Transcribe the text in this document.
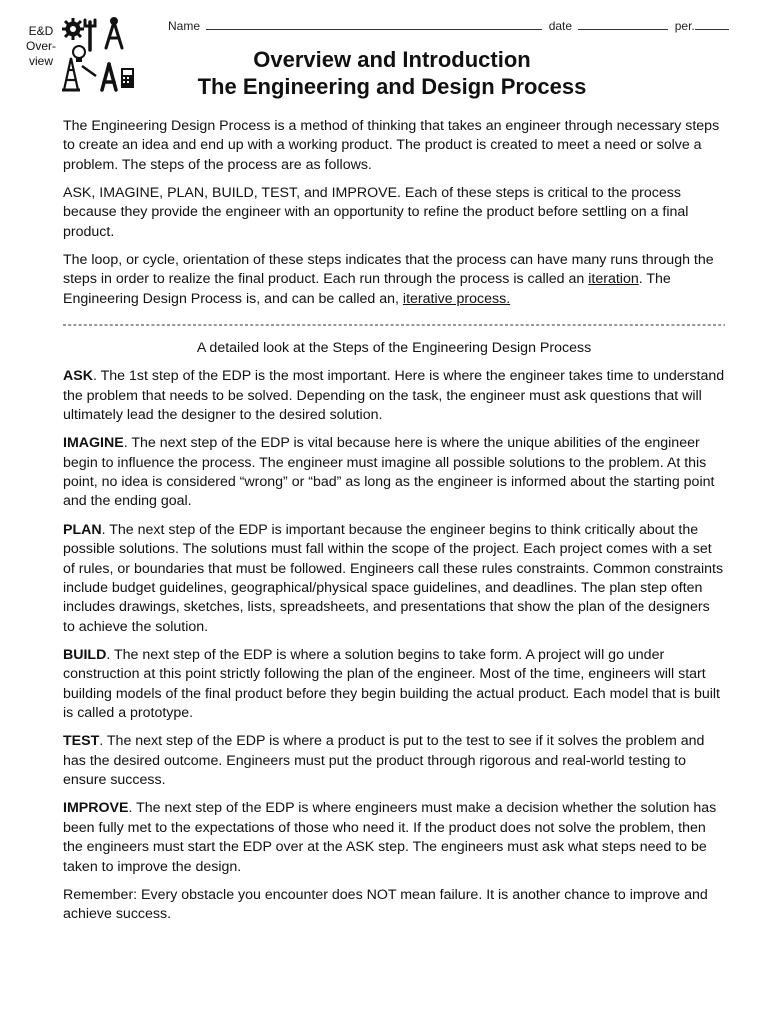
E&D
Over-
view
Name	date	per.
Overview and Introduction
The Engineering and Design Process

The Engineering Design Process is a method of thinking that takes an engineer through necessary steps to create an idea and end up with a working product. The product is created to meet a need or solve a problem. The steps of the process are as follows.

ASK, IMAGINE, PLAN, BUILD, TEST, and IMPROVE. Each of these steps is critical to the process because they provide the engineer with an opportunity to refine the product before settling on a final product.

The loop, or cycle, orientation of these steps indicates that the process can have many runs through the steps in order to realize the final product. Each run through the process is called an iteration. The Engineering Design Process is, and can be called an, iterative process.

A detailed look at the Steps of the Engineering Design Process

ASK. The 1st step of the EDP is the most important. Here is where the engineer takes time to understand the problem that needs to be solved. Depending on the task, the engineer must ask questions that will ultimately lead the designer to the desired solution.

IMAGINE. The next step of the EDP is vital because here is where the unique abilities of the engineer begin to influence the process. The engineer must imagine all possible solutions to the problem. At this point, no idea is considered “wrong” or “bad” as long as the engineer is informed about the starting point and the ending goal.

PLAN. The next step of the EDP is important because the engineer begins to think critically about the possible solutions. The solutions must fall within the scope of the project. Each project comes with a set of rules, or boundaries that must be followed. Engineers call these rules constraints. Common constraints include budget guidelines, geographical/physical space guidelines, and deadlines. The plan step often includes drawings, sketches, lists, spreadsheets, and presentations that show the plan of the designers to achieve the solution.

BUILD. The next step of the EDP is where a solution begins to take form. A project will go under construction at this point strictly following the plan of the engineer. Most of the time, engineers will start building models of the final product before they begin building the actual product. Each model that is built is called a prototype.

TEST. The next step of the EDP is where a product is put to the test to see if it solves the problem and has the desired outcome. Engineers must put the product through rigorous and real-world testing to ensure success.

IMPROVE. The next step of the EDP is where engineers must make a decision whether the solution has been fully met to the expectations of those who need it. If the product does not solve the problem, then the engineers must start the EDP over at the ASK step. The engineers must ask what steps need to be taken to improve the design.

Remember: Every obstacle you encounter does NOT mean failure. It is another chance to improve and achieve success.
